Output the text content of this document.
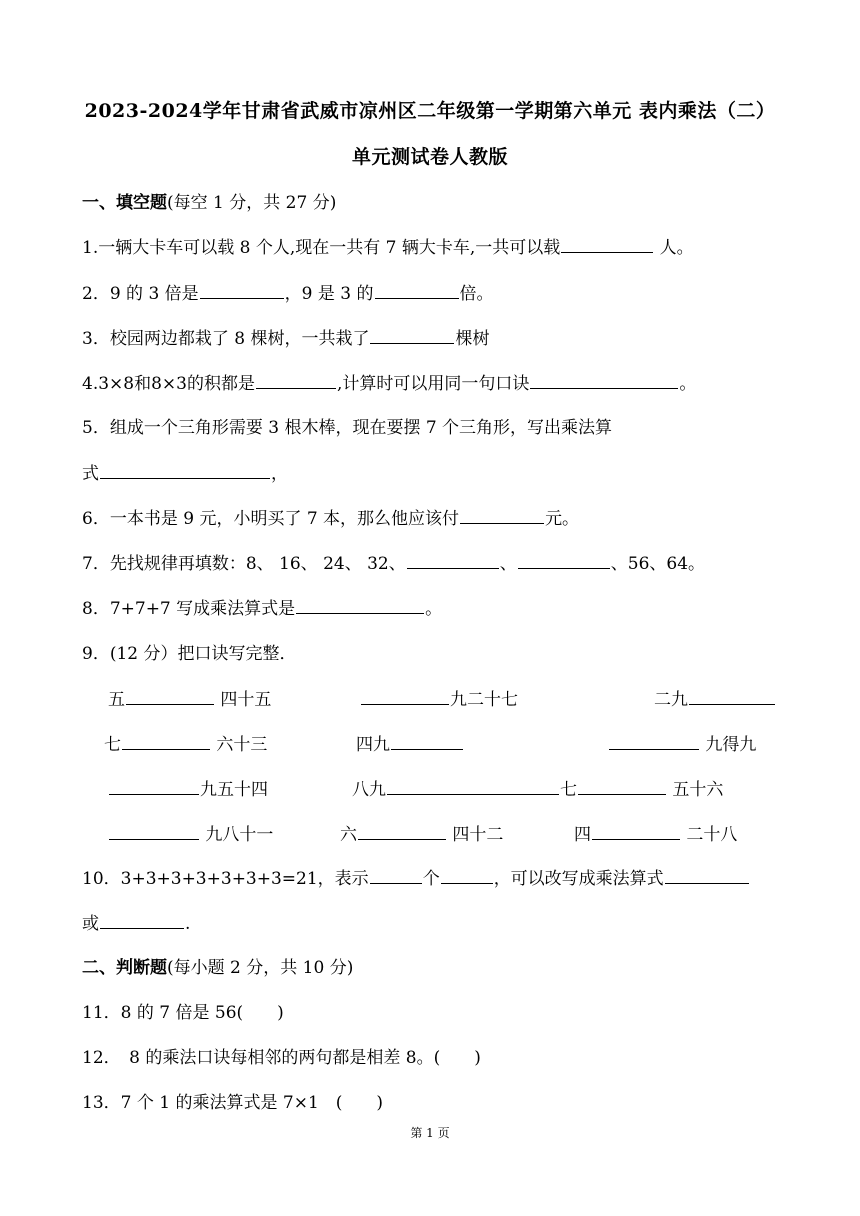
2023-2024学年甘肃省武威市凉州区二年级第一学期第六单元 表内乘法（二）
单元测试卷人教版
一、填空题(每空 1 分，共 27 分)
1.一辆大卡车可以载 8 个人,现在一共有 7 辆大卡车,一共可以载	人。
2．9 的 3 倍是	，9 是 3 的	倍。
3．校园两边都栽了 8 棵树，一共栽了	棵树
4.3×8和8×3的积都是	,计算时可以用同一句口诀	。
5．组成一个三角形需要 3 根木棒，现在要摆 7 个三角形，写出乘法算
式	，
6．一本书是 9 元，小明买了 7 本，那么他应该付	元。
7．先找规律再填数：8、 16、 24、 32、	、	、56、64。
8．7+7+7 写成乘法算式是	。
9．(12 分）把口诀写完整．
五	四十五	九二十七	二九
七	六十三	四九	九得九
九五十四	八九	七	五十六
九八十一	六	四十二	四	二十八
10．3+3+3+3+3+3+3=21，表示	个	，可以改写成乘法算式
或	.
二、判断题(每小题 2 分，共 10 分)
11．8 的 7 倍是 56(　　)
12．　8 的乘法口诀每相邻的两句都是相差 8。(　　)
13．7 个 1 的乘法算式是 7×1　(　　)
第 1 页
